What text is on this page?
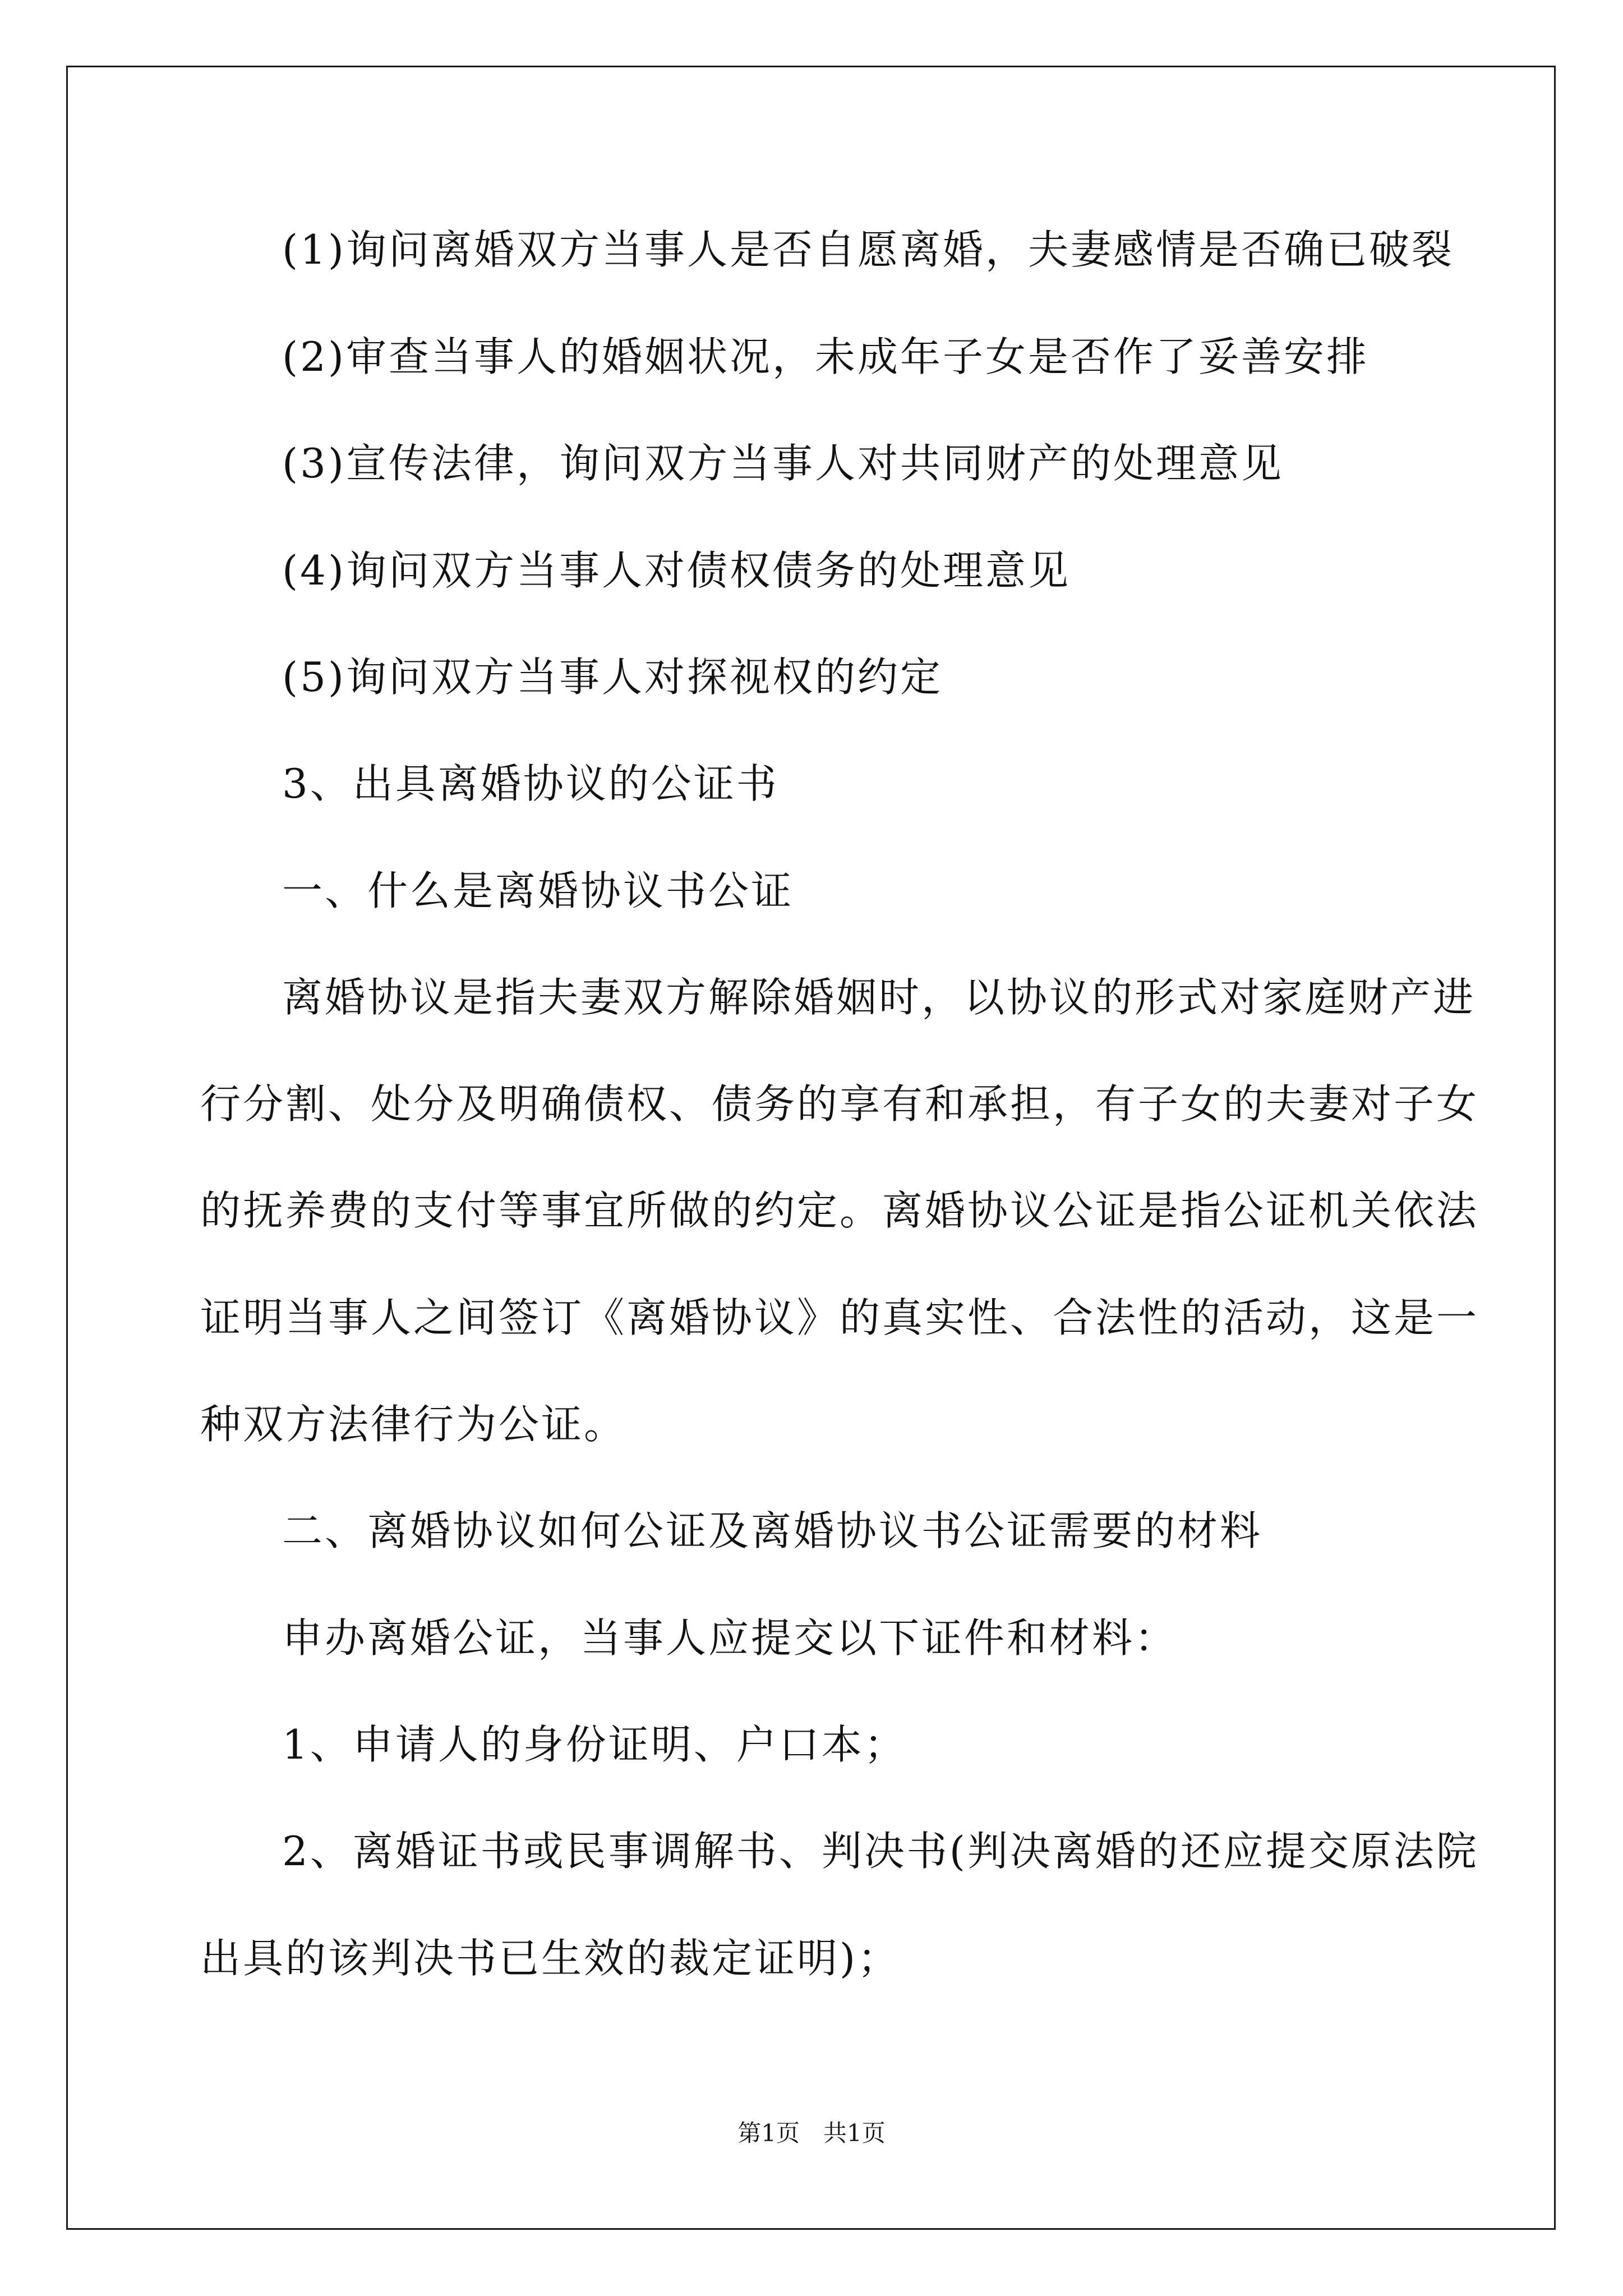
(1)询问离婚双方当事人是否自愿离婚，夫妻感情是否确已破裂
(2)审查当事人的婚姻状况，未成年子女是否作了妥善安排
(3)宣传法律，询问双方当事人对共同财产的处理意见
(4)询问双方当事人对债权债务的处理意见
(5)询问双方当事人对探视权的约定
3、出具离婚协议的公证书
一、什么是离婚协议书公证
离婚协议是指夫妻双方解除婚姻时，以协议的形式对家庭财产进
行分割、处分及明确债权、债务的享有和承担，有子女的夫妻对子女
的抚养费的支付等事宜所做的约定。离婚协议公证是指公证机关依法
证明当事人之间签订《离婚协议》的真实性、合法性的活动，这是一
种双方法律行为公证。
二、离婚协议如何公证及离婚协议书公证需要的材料
申办离婚公证，当事人应提交以下证件和材料：
1、申请人的身份证明、户口本；
2、离婚证书或民事调解书、判决书(判决离婚的还应提交原法院
出具的该判决书已生效的裁定证明)；
第1页　共1页
